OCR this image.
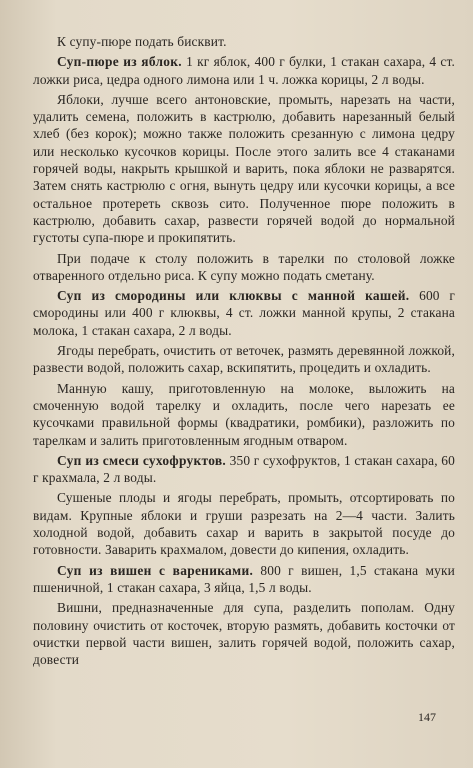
К супу-пюре подать бисквит.

Суп-пюре из яблок. 1 кг яблок, 400 г булки, 1 стакан сахара, 4 ст. ложки риса, цедра одного лимона или 1 ч. ложка корицы, 2 л воды.

Яблоки, лучше всего антоновские, промыть, нарезать на части, удалить семена, положить в кастрюлю, добавить нарезанный белый хлеб (без корок); можно также положить срезанную с лимона цедру или несколько кусочков корицы. После этого залить все 4 стаканами горячей воды, накрыть крышкой и варить, пока яблоки не разварятся. Затем снять кастрюлю с огня, вынуть цедру или кусочки корицы, а все остальное протереть сквозь сито. Полученное пюре положить в кастрюлю, добавить сахар, развести горячей водой до нормальной густоты супа-пюре и прокипятить.

При подаче к столу положить в тарелки по столовой ложке отваренного отдельно риса. К супу можно подать сметану.

Суп из смородины или клюквы с манной кашей. 600 г смородины или 400 г клюквы, 4 ст. ложки манной крупы, 2 стакана молока, 1 стакан сахара, 2 л воды.

Ягоды перебрать, очистить от веточек, размять деревянной ложкой, развести водой, положить сахар, вскипятить, процедить и охладить.

Манную кашу, приготовленную на молоке, выложить на смоченную водой тарелку и охладить, после чего нарезать ее кусочками правильной формы (квадратики, ромбики), разложить по тарелкам и залить приготовленным ягодным отваром.

Суп из смеси сухофруктов. 350 г сухофруктов, 1 стакан сахара, 60 г крахмала, 2 л воды.

Сушеные плоды и ягоды перебрать, промыть, отсортировать по видам. Крупные яблоки и груши разрезать на 2—4 части. Залить холодной водой, добавить сахар и варить в закрытой посуде до готовности. Заварить крахмалом, довести до кипения, охладить.

Суп из вишен с варениками. 800 г вишен, 1,5 стакана муки пшеничной, 1 стакан сахара, 3 яйца, 1,5 л воды.

Вишни, предназначенные для супа, разделить пополам. Одну половину очистить от косточек, вторую размять, добавить косточки от очистки первой части вишен, залить горячей водой, положить сахар, довести

147
